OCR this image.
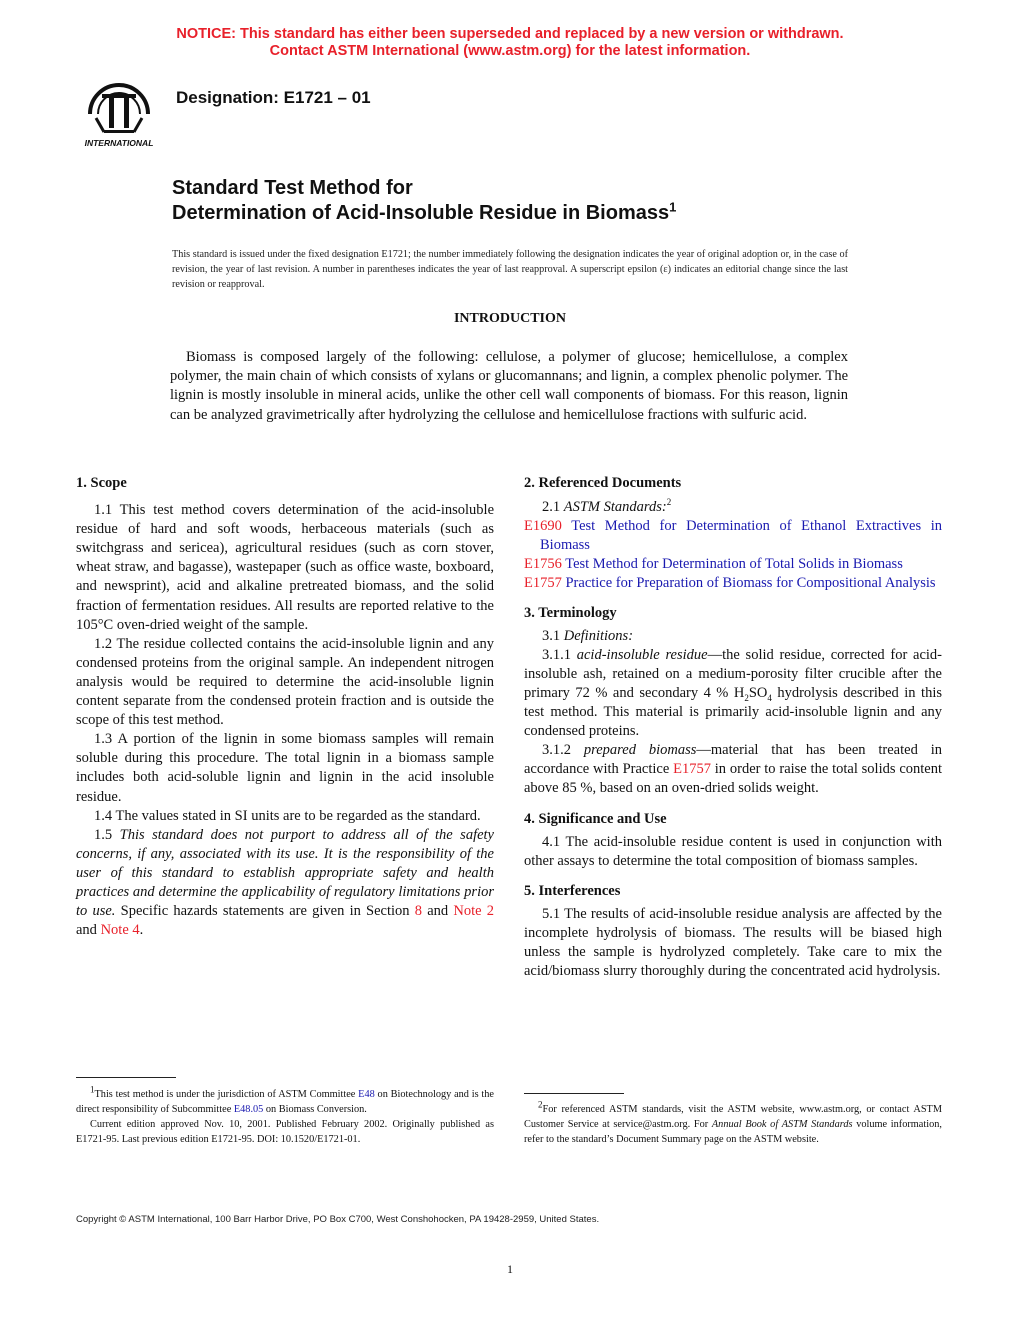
NOTICE: This standard has either been superseded and replaced by a new version or withdrawn.
Contact ASTM International (www.astm.org) for the latest information.
INTERNATIONAL
Designation: E1721 – 01
Standard Test Method for
Determination of Acid-Insoluble Residue in Biomass$^1$
This standard is issued under the fixed designation E1721; the number immediately following the designation indicates the year of original adoption or, in the case of revision, the year of last revision. A number in parentheses indicates the year of last reapproval. A superscript epsilon (ε) indicates an editorial change since the last revision or reapproval.
INTRODUCTION
Biomass is composed largely of the following: cellulose, a polymer of glucose; hemicellulose, a complex polymer, the main chain of which consists of xylans or glucomannans; and lignin, a complex phenolic polymer. The lignin is mostly insoluble in mineral acids, unlike the other cell wall components of biomass. For this reason, lignin can be analyzed gravimetrically after hydrolyzing the cellulose and hemicellulose fractions with sulfuric acid.

1. Scope

1.1 This test method covers determination of the acid-insoluble residue of hard and soft woods, herbaceous materials (such as switchgrass and sericea), agricultural residues (such as corn stover, wheat straw, and bagasse), wastepaper (such as office waste, boxboard, and newsprint), acid and alkaline pretreated biomass, and the solid fraction of fermentation residues. All results are reported relative to the 105°C oven-dried weight of the sample.

1.2 The residue collected contains the acid-insoluble lignin and any condensed proteins from the original sample. An independent nitrogen analysis would be required to determine the acid-insoluble lignin content separate from the condensed protein fraction and is outside the scope of this test method.

1.3 A portion of the lignin in some biomass samples will remain soluble during this procedure. The total lignin in a biomass sample includes both acid-soluble lignin and lignin in the acid insoluble residue.

1.4 The values stated in SI units are to be regarded as the standard.

1.5 This standard does not purport to address all of the safety concerns, if any, associated with its use. It is the responsibility of the user of this standard to establish appropriate safety and health practices and determine the applicability of regulatory limitations prior to use. Specific hazards statements are given in Section 8 and Note 2 and Note 4.

2. Referenced Documents

2.1 ASTM Standards:$^2$

E1690 Test Method for Determination of Ethanol Extractives in Biomass

E1756 Test Method for Determination of Total Solids in Biomass

E1757 Practice for Preparation of Biomass for Compositional Analysis

3. Terminology

3.1 Definitions:

3.1.1 acid-insoluble residue—the solid residue, corrected for acid-insoluble ash, retained on a medium-porosity filter crucible after the primary 72 % and secondary 4 % $H_2SO_4$ hydrolysis described in this test method. This material is primarily acid-insoluble lignin and any condensed proteins.

3.1.2 prepared biomass—material that has been treated in accordance with Practice E1757 in order to raise the total solids content above 85 %, based on an oven-dried solids weight.

4. Significance and Use

4.1 The acid-insoluble residue content is used in conjunction with other assays to determine the total composition of biomass samples.

5. Interferences

5.1 The results of acid-insoluble residue analysis are affected by the incomplete hydrolysis of biomass. The results will be biased high unless the sample is hydrolyzed completely. Take care to mix the acid/biomass slurry thoroughly during the concentrated acid hydrolysis.

$^1$This test method is under the jurisdiction of ASTM Committee E48 on Biotechnology and is the direct responsibility of Subcommittee E48.05 on Biomass Conversion.

Current edition approved Nov. 10, 2001. Published February 2002. Originally published as E1721-95. Last previous edition E1721-95. DOI: 10.1520/E1721-01.

$^2$For referenced ASTM standards, visit the ASTM website, www.astm.org, or contact ASTM Customer Service at service@astm.org. For Annual Book of ASTM Standards volume information, refer to the standard’s Document Summary page on the ASTM website.

Copyright © ASTM International, 100 Barr Harbor Drive, PO Box C700, West Conshohocken, PA 19428-2959, United States.
1
